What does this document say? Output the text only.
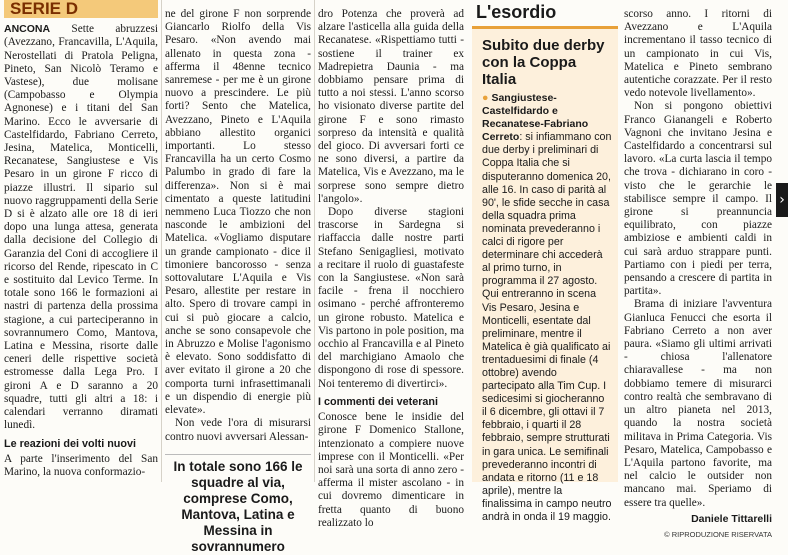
SERIE D

ANCONA Sette abruzzesi (Avezzano, Francavilla, L'Aquila, Nerostellati di Pratola Peligna, Pineto, San Nicolò Teramo e Vastese), due molisane (Campobasso e Olympia Agnonese) e i titani del San Marino. Ecco le avversarie di Castelfidardo, Fabriano Cerreto, Jesina, Matelica, Monticelli, Recanatese, Sangiustese e Vis Pesaro in un girone F ricco di piazze illustri. Il sipario sul nuovo raggruppamenti della Serie D si è alzato alle ore 18 di ieri dopo una lunga attesa, generata dalla decisione del Collegio di Garanzia del Coni di accogliere il ricorso del Rende, ripescato in C e sostituito dal Levico Terme. In totale sono 166 le formazioni ai nastri di partenza della prossima stagione, a cui parteciperanno in sovrannumero Como, Mantova, Latina e Messina, risorte dalle ceneri delle rispettive società estromesse dalla Lega Pro. I gironi A e D saranno a 20 squadre, tutti gli altri a 18: i calendari verranno diramati lunedì.

Le reazioni dei volti nuovi

A parte l'inserimento del San Marino, la nuova conformazio-

ne del girone F non sorprende Giancarlo Riolfo della Vis Pesaro. «Non avendo mai allenato in questa zona - afferma il 48enne tecnico sanremese - per me è un girone nuovo a prescindere. Le più forti? Sento che Matelica, Avezzano, Pineto e L'Aquila abbiano allestito organici importanti. Lo stesso Francavilla ha un certo Cosmo Palumbo in grado di fare la differenza». Non si è mai cimentato a queste latitudini nemmeno Luca Tiozzo che non nasconde le ambizioni del Matelica. «Vogliamo disputare un grande campionato - dice il timoniere bancorosso - senza sottovalutare L'Aquila e Vis Pesaro, allestite per restare in alto. Spero di trovare campi in cui si può giocare a calcio, anche se sono consapevole che in Abruzzo e Molise l'agonismo è elevato. Sono soddisfatto di aver evitato il girone a 20 che comporta turni infrasettimanali e un dispendio di energie più elevate».

Non vede l'ora di misurarsi contro nuovi avversari Alessan-

In totale sono 166 le squadre al via, comprese Como, Mantova, Latina e Messina in sovrannumero

dro Potenza che proverà ad alzare l'asticella alla guida della Recanatese. «Rispettiamo tutti - sostiene il trainer ex Madrepietra Daunia - ma dobbiamo pensare prima di tutto a noi stessi. L'anno scorso ho visionato diverse partite del girone F e sono rimasto sorpreso da intensità e qualità del gioco. Di avversari forti ce ne sono diversi, a partire da Matelica, Vis e Avezzano, ma le sorprese sono sempre dietro l'angolo».

Dopo diverse stagioni trascorse in Sardegna si riaffaccia dalle nostre parti Stefano Senigagliesi, motivato a recitare il ruolo di guastafeste con la Sangiustese. «Non sarà facile - frena il nocchiero osimano - perché affronteremo un girone robusto. Matelica e Vis partono in pole position, ma occhio al Francavilla e al Pineto del marchigiano Amaolo che dispongono di rose di spessore. Noi tenteremo di divertirci».

I commenti dei veterani

Conosce bene le insidie del girone F Domenico Stallone, intenzionato a compiere nuove imprese con il Monticelli. «Per noi sarà una sorta di anno zero - afferma il mister ascolano - in cui dovremo dimenticare in fretta quanto di buono realizzato lo

L'esordio
Subito due derby con la Coppa Italia

● Sangiustese-Castelfidardo e Recanatese-Fabriano Cerreto: si infiammano con due derby i preliminari di Coppa Italia che si disputeranno domenica 20, alle 16. In caso di parità al 90', le sfide secche in casa della squadra prima nominata prevederanno i calci di rigore per determinare chi accederà al primo turno, in programma il 27 agosto. Qui entreranno in scena Vis Pesaro, Jesina e Monticelli, esentate dal preliminare, mentre il Matelica è già qualificato ai trentaduesimi di finale (4 ottobre) avendo partecipato alla Tim Cup. I sedicesimi si giocheranno il 6 dicembre, gli ottavi il 7 febbraio, i quarti il 28 febbraio, sempre strutturati in gara unica. Le semifinali prevederanno incontri di andata e ritorno (11 e 18 aprile), mentre la finalissima in campo neutro andrà in onda il 19 maggio.

scorso anno. I ritorni di Avezzano e L'Aquila incrementano il tasso tecnico di un campionato in cui Vis, Matelica e Pineto sembrano autentiche corazzate. Per il resto vedo notevole livellamento».

Non si pongono obiettivi Franco Gianangeli e Roberto Vagnoni che invitano Jesina e Castelfidardo a concentrarsi sul lavoro. «La curta lascia il tempo che trova - dichiarano in coro - visto che le gerarchie le stabilisce sempre il campo. Il girone si preannuncia equilibrato, con piazze ambiziose e ambienti caldi in cui sarà arduo strappare punti. Partiamo con i piedi per terra, pensando a crescere di partita in partita».

Brama di iniziare l'avventura Gianluca Fenucci che esorta il Fabriano Cerreto a non aver paura. «Siamo gli ultimi arrivati - chiosa l'allenatore chiaravallese - ma non dobbiamo temere di misurarci contro realtà che sembravano di un altro pianeta nel 2013, quando la nostra società militava in Prima Categoria. Vis Pesaro, Matelica, Campobasso e L'Aquila partono favorite, ma nel calcio le outsider non mancano mai. Speriamo di essere tra quelle».

Daniele Tittarelli
© RIPRODUZIONE RISERVATA
›
